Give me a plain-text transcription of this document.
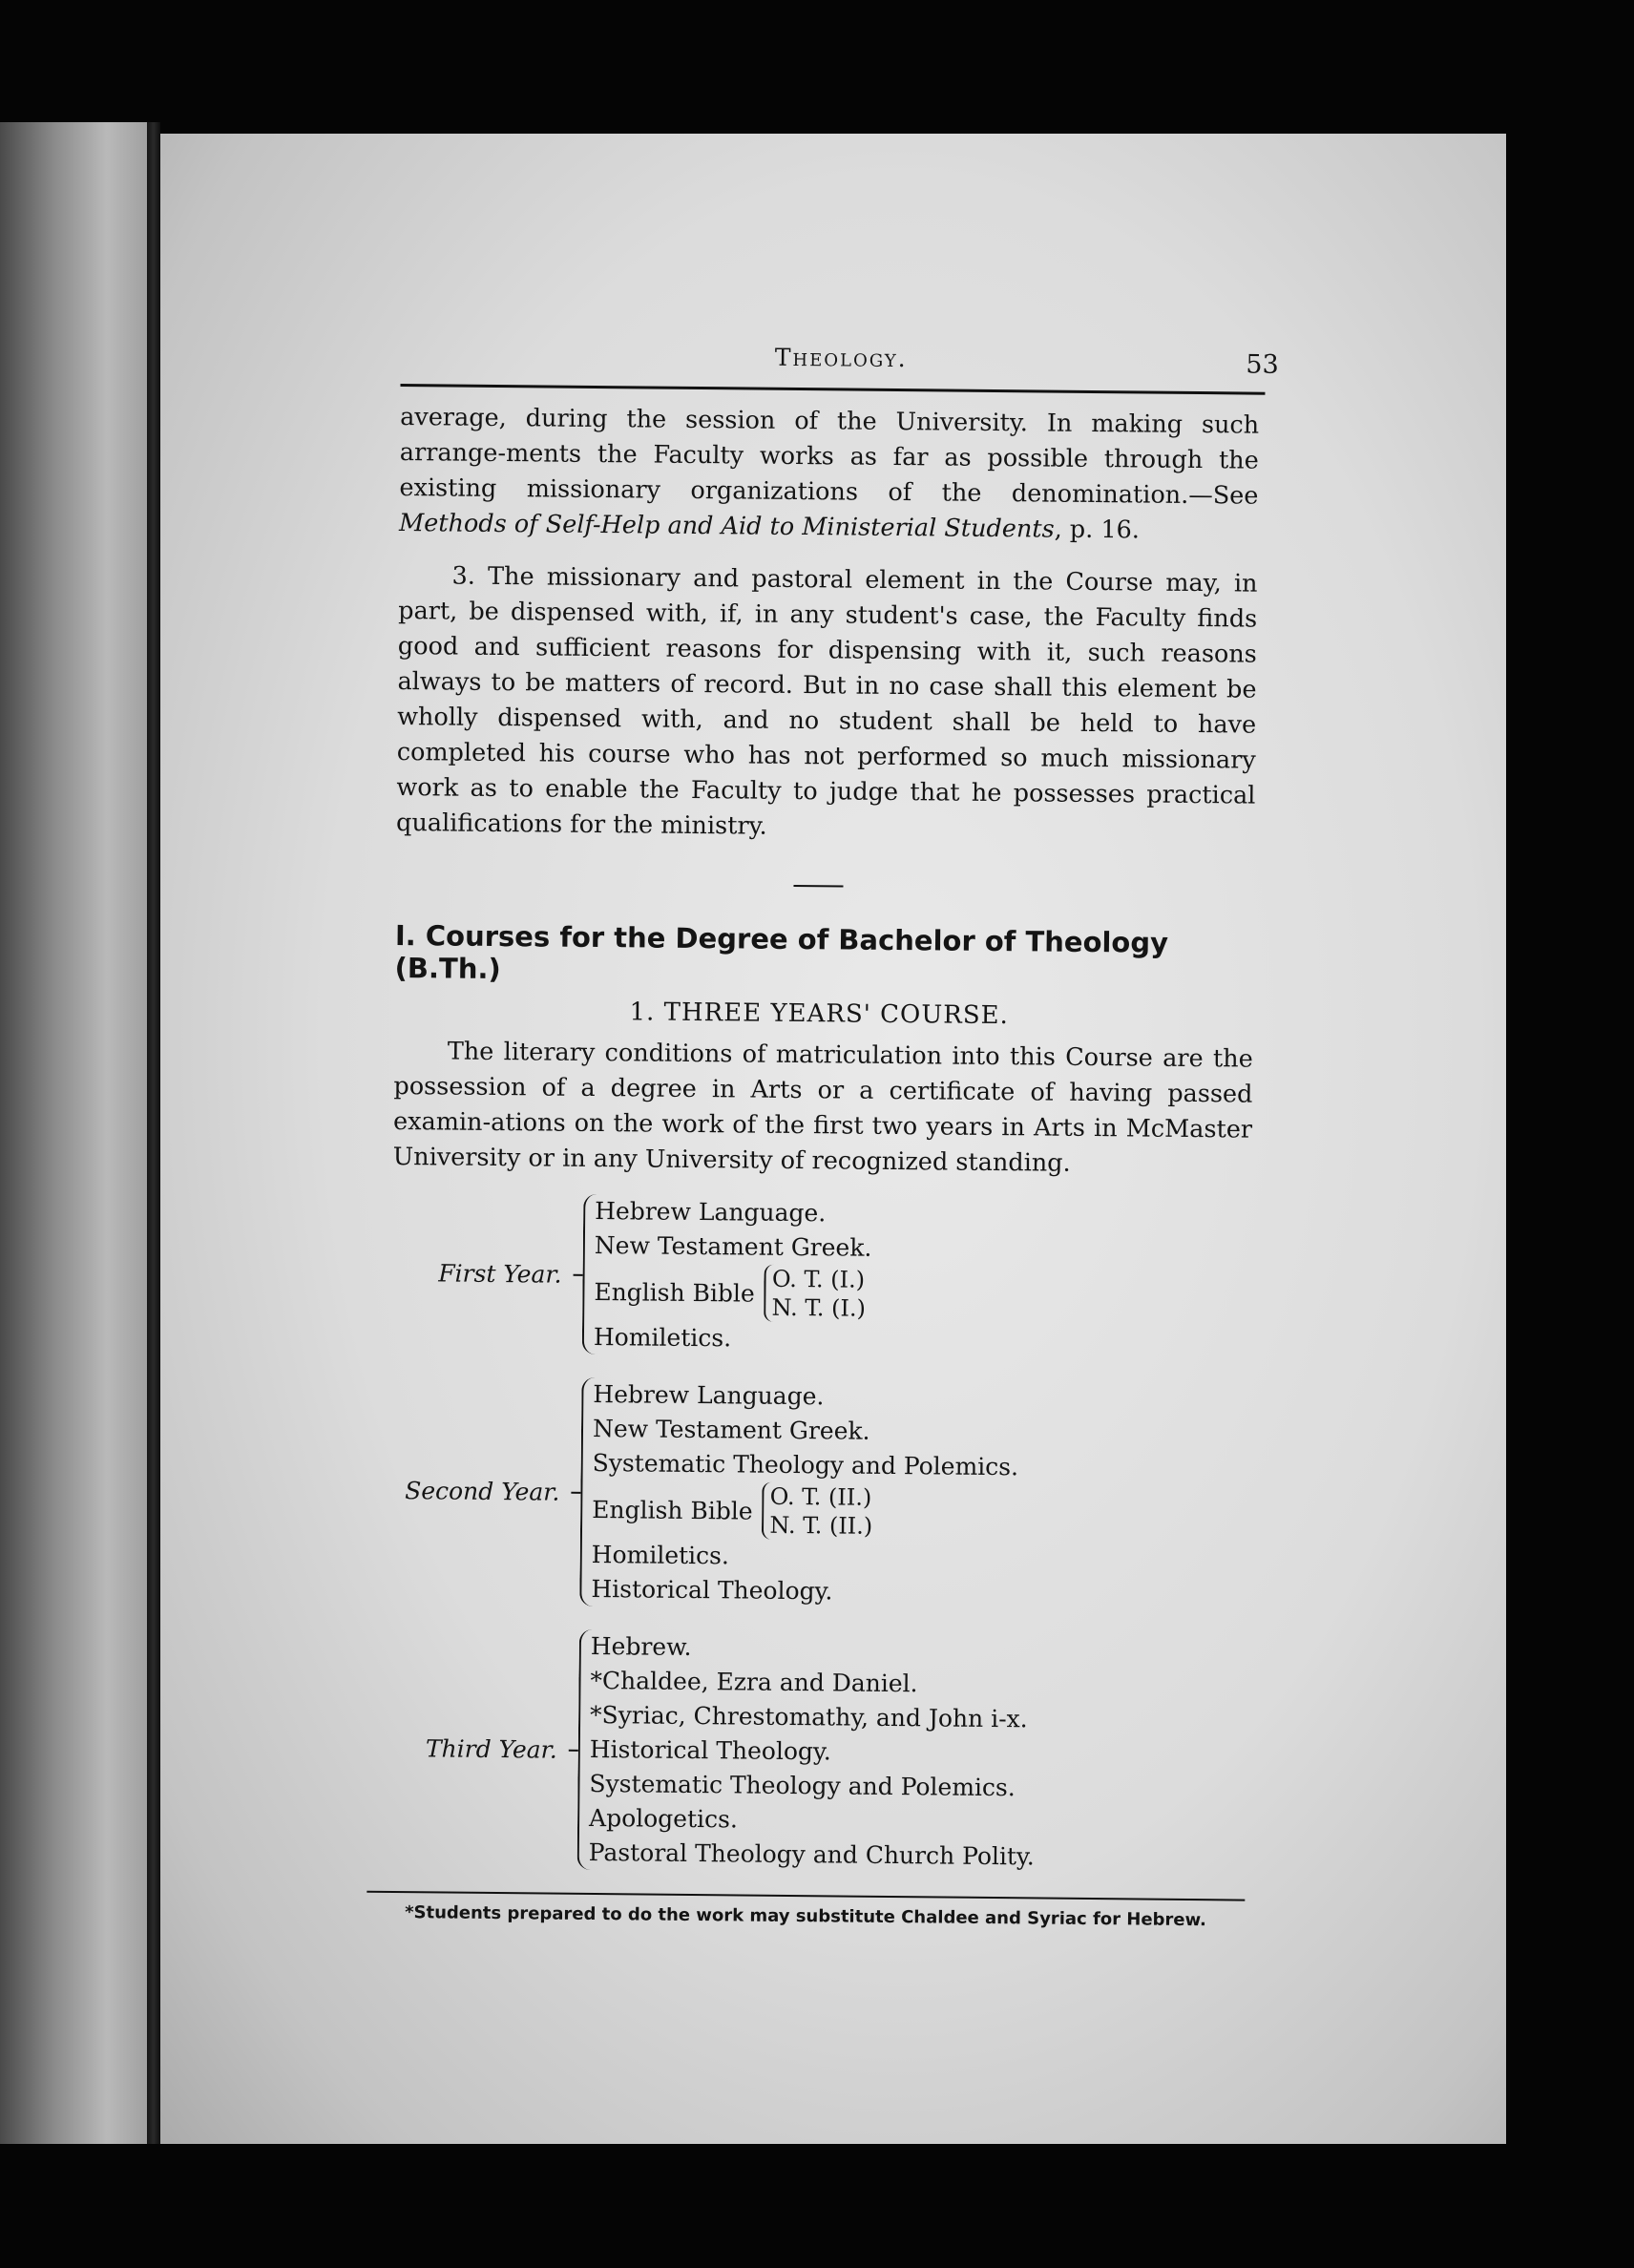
Theology.	53

average, during the session of the University. In making such arrange-ments the Faculty works as far as possible through the existing missionary organizations of the denomination.—See Methods of Self-Help and Aid to Ministerial Students, p. 16.

3. The missionary and pastoral element in the Course may, in part, be dispensed with, if, in any student's case, the Faculty finds good and sufficient reasons for dispensing with it, such reasons always to be matters of record. But in no case shall this element be wholly dispensed with, and no student shall be held to have completed his course who has not performed so much missionary work as to enable the Faculty to judge that he possesses practical qualifications for the ministry.

I. Courses for the Degree of Bachelor of Theology (B.Th.)
1. THREE YEARS' COURSE.

The literary conditions of matriculation into this Course are the possession of a degree in Arts or a certificate of having passed examin-ations on the work of the first two years in Arts in McMaster University or in any University of recognized standing.

First Year.
Hebrew Language.
New Testament Greek.
English Bible O. T. (I.)
N. T. (I.)
Homiletics.
Second Year.
Hebrew Language.
New Testament Greek.
Systematic Theology and Polemics.
English Bible O. T. (II.)
N. T. (II.)
Homiletics.
Historical Theology.
Third Year.
Hebrew.
*Chaldee, Ezra and Daniel.
*Syriac, Chrestomathy, and John i-x.
Historical Theology.
Systematic Theology and Polemics.
Apologetics.
Pastoral Theology and Church Polity.
*Students prepared to do the work may substitute Chaldee and Syriac for Hebrew.
